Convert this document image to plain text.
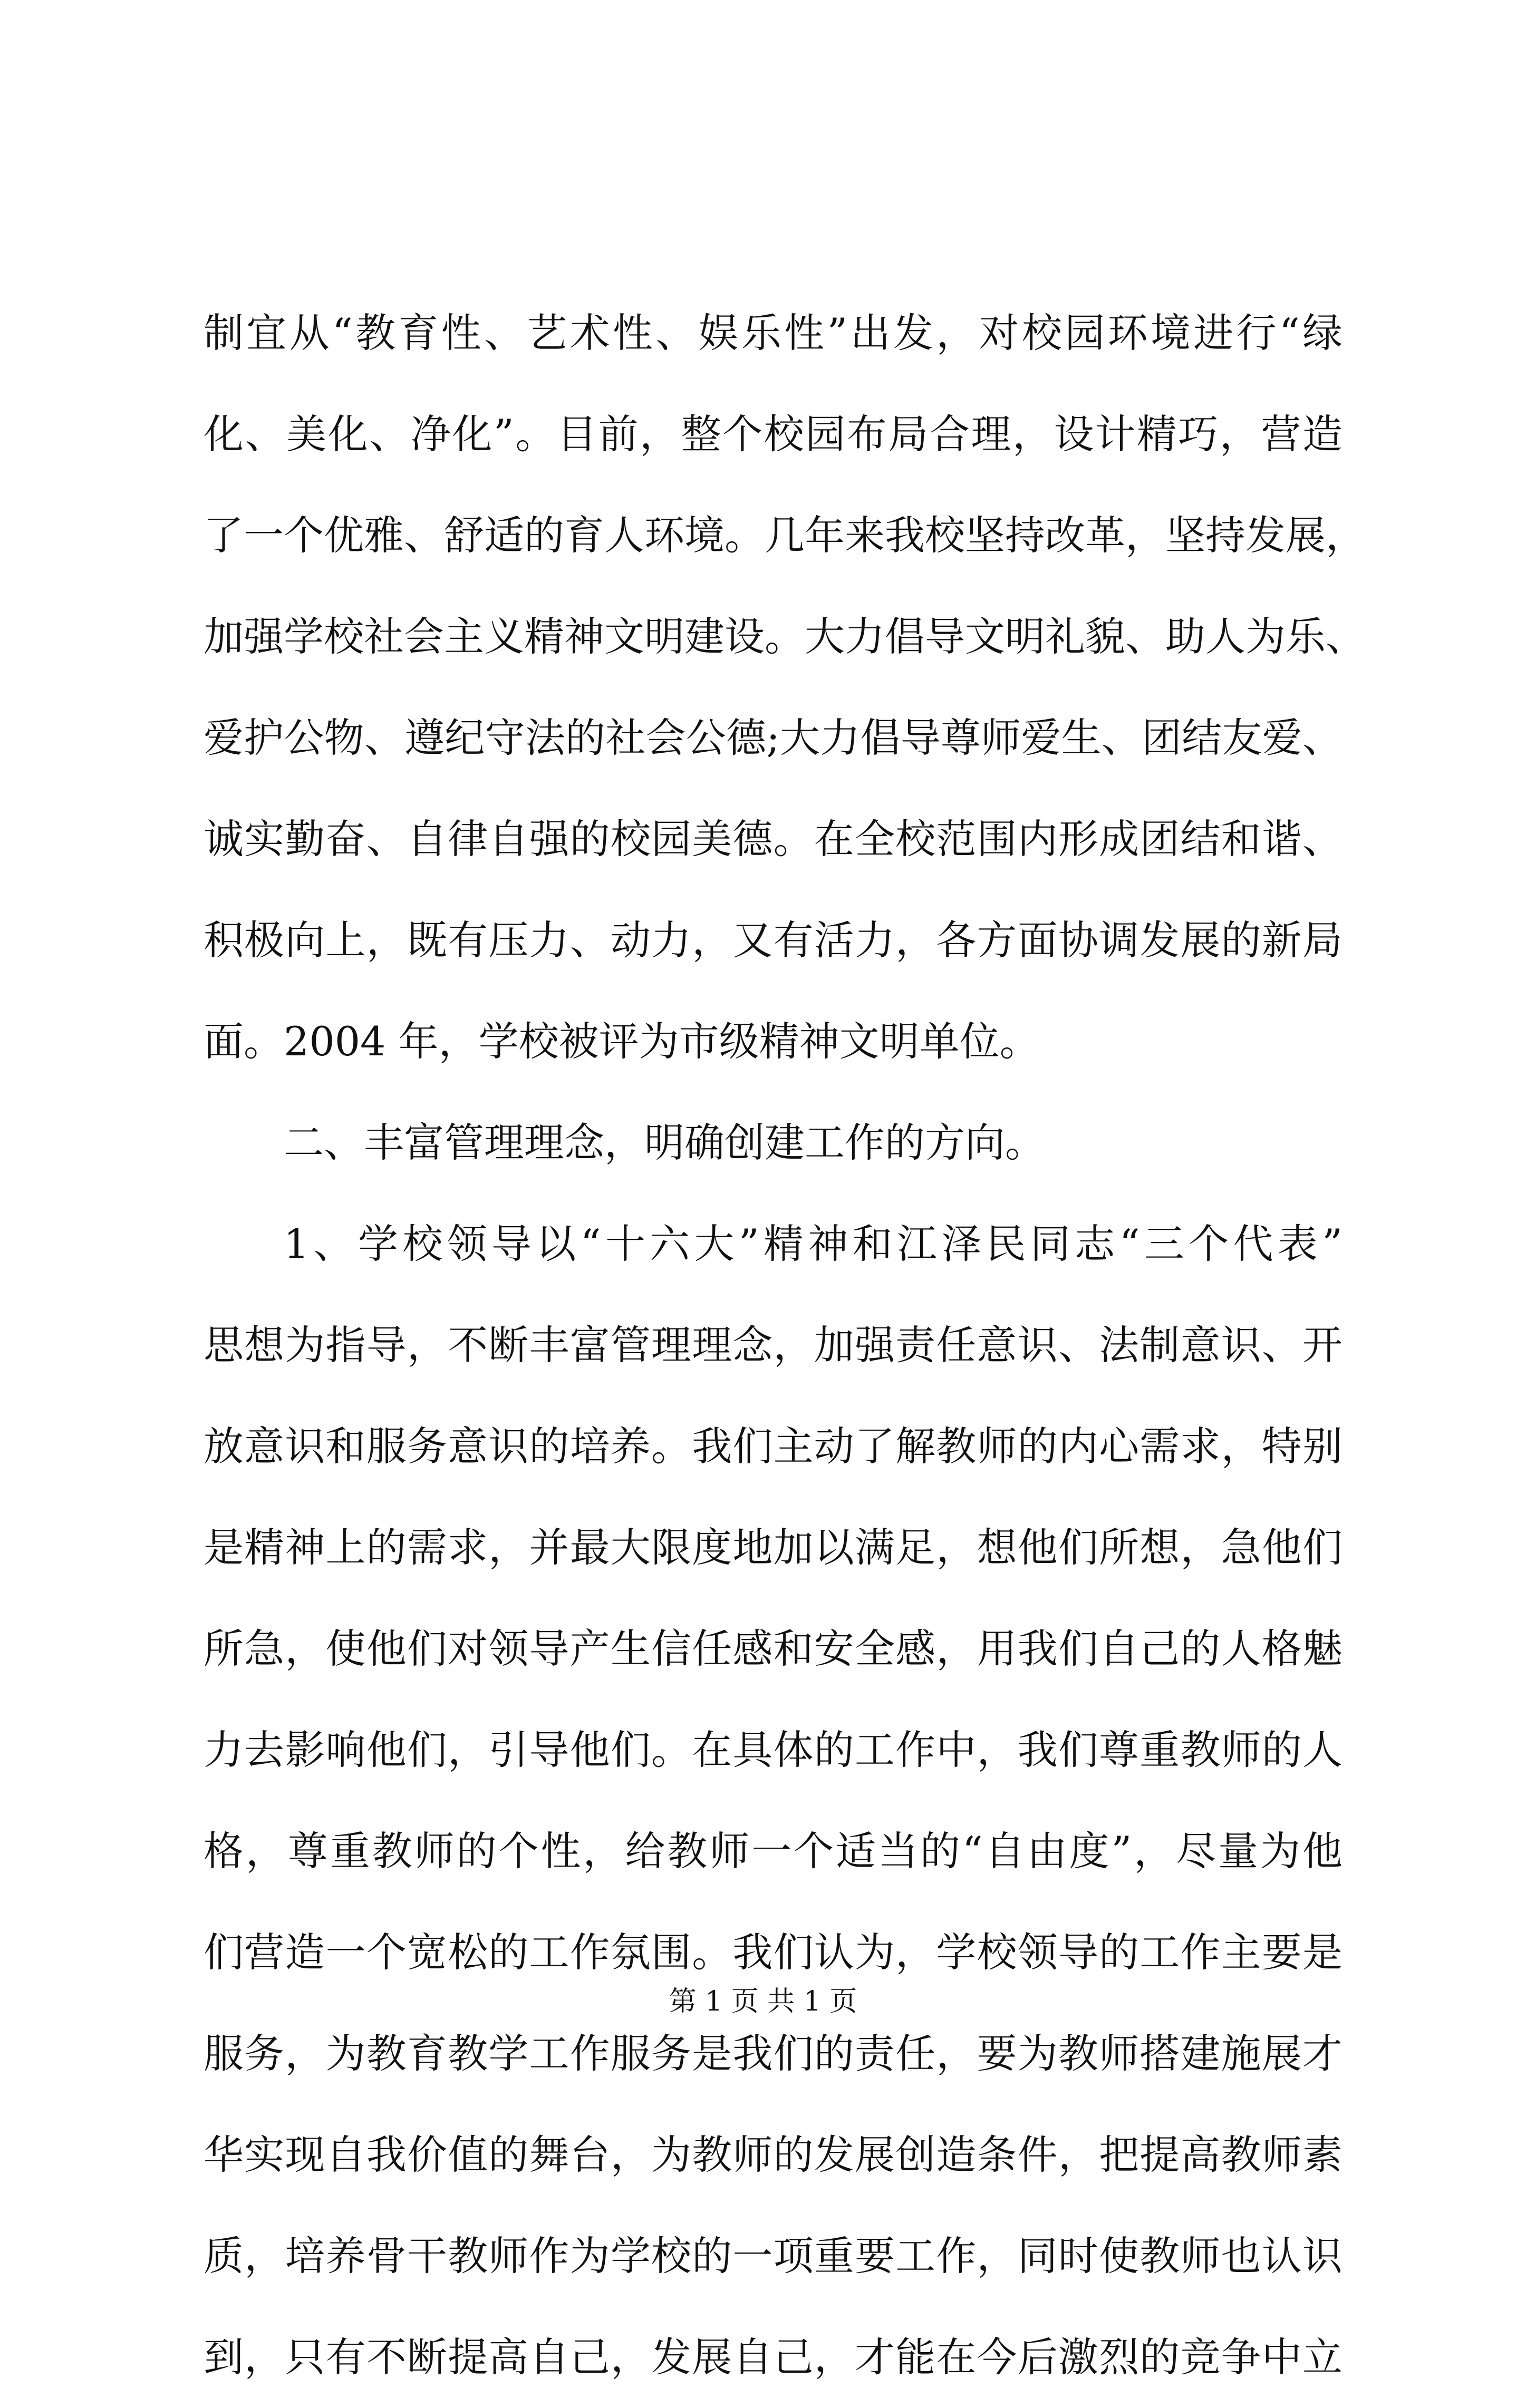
制宜从“教育性、艺术性、娱乐性”出发，对校园环境进行“绿
化、美化、净化”。目前，整个校园布局合理，设计精巧，营造
了一个优雅、舒适的育人环境。几年来我校坚持改革，坚持发展，
加强学校社会主义精神文明建设。大力倡导文明礼貌、助人为乐、
爱护公物、遵纪守法的社会公德;大力倡导尊师爱生、团结友爱、
诚实勤奋、自律自强的校园美德。在全校范围内形成团结和谐、
积极向上，既有压力、动力，又有活力，各方面协调发展的新局
面。2004 年，学校被评为市级精神文明单位。
二、丰富管理理念，明确创建工作的方向。
1、学校领导以“十六大”精神和江泽民同志“三个代表”
思想为指导，不断丰富管理理念，加强责任意识、法制意识、开
放意识和服务意识的培养。我们主动了解教师的内心需求，特别
是精神上的需求，并最大限度地加以满足，想他们所想，急他们
所急，使他们对领导产生信任感和安全感，用我们自己的人格魅
力去影响他们，引导他们。在具体的工作中，我们尊重教师的人
格，尊重教师的个性，给教师一个适当的“自由度”，尽量为他
们营造一个宽松的工作氛围。我们认为，学校领导的工作主要是
服务，为教育教学工作服务是我们的责任，要为教师搭建施展才
华实现自我价值的舞台，为教师的发展创造条件，把提高教师素
质，培养骨干教师作为学校的一项重要工作，同时使教师也认识
到，只有不断提高自己，发展自己，才能在今后激烈的竞争中立
第 1 页 共 1 页
